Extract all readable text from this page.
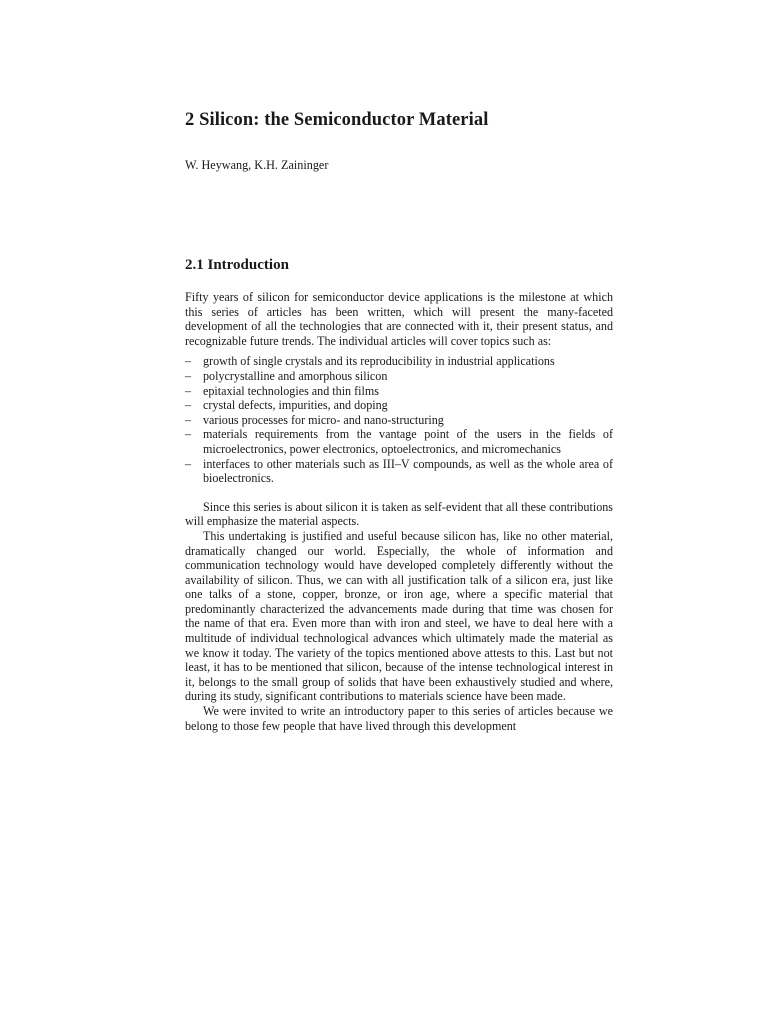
2 Silicon: the Semiconductor Material
W. Heywang, K.H. Zaininger
2.1 Introduction

Fifty years of silicon for semiconductor device applications is the milestone at which this series of articles has been written, which will present the many-faceted development of all the technologies that are connected with it, their present status, and recognizable future trends. The individual articles will cover topics such as:

– growth of single crystals and its reproducibility in industrial applications
– polycrystalline and amorphous silicon
– epitaxial technologies and thin films
– crystal defects, impurities, and doping
– various processes for micro- and nano-structuring
– materials requirements from the vantage point of the users in the fields of microelectronics, power electronics, optoelectronics, and micromechanics
– interfaces to other materials such as III–V compounds, as well as the whole area of bioelectronics.

Since this series is about silicon it is taken as self-evident that all these contributions will emphasize the material aspects.

This undertaking is justified and useful because silicon has, like no other material, dramatically changed our world. Especially, the whole of information and communication technology would have developed completely differently without the availability of silicon. Thus, we can with all justification talk of a silicon era, just like one talks of a stone, copper, bronze, or iron age, where a specific material that predominantly characterized the advancements made during that time was chosen for the name of that era. Even more than with iron and steel, we have to deal here with a multitude of individual technological advances which ultimately made the material as we know it today. The variety of the topics mentioned above attests to this. Last but not least, it has to be mentioned that silicon, because of the intense technological interest in it, belongs to the small group of solids that have been exhaustively studied and where, during its study, significant contributions to materials science have been made.

We were invited to write an introductory paper to this series of articles because we belong to those few people that have lived through this development
